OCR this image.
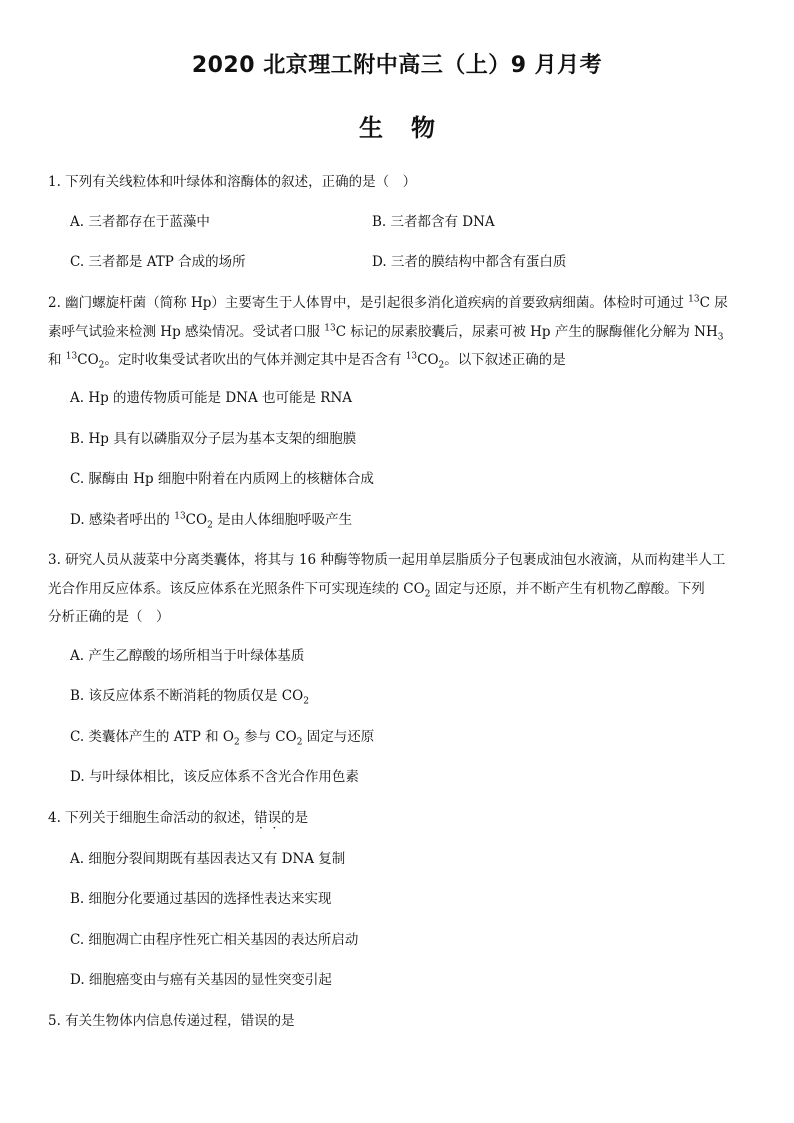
2020 北京理工附中高三（上）9 月月考
生物
1. 下列有关线粒体和叶绿体和溶酶体的叙述，正确的是（　）
A. 三者都存在于蓝藻中	B. 三者都含有 DNA
C. 三者都是 ATP 合成的场所	D. 三者的膜结构中都含有蛋白质
2. 幽门螺旋杆菌（简称 Hp）主要寄生于人体胃中，是引起很多消化道疾病的首要致病细菌。体检时可通过 $^{13}$C 尿
素呼气试验来检测 Hp 感染情况。受试者口服 $^{13}$C 标记的尿素胶囊后，尿素可被 Hp 产生的脲酶催化分解为 $NH_3$
和 $^{13}CO_2$。定时收集受试者吹出的气体并测定其中是否含有 $^{13}CO_2$。以下叙述正确的是
A. Hp 的遗传物质可能是 DNA 也可能是 RNA
B. Hp 具有以磷脂双分子层为基本支架的细胞膜
C. 脲酶由 Hp 细胞中附着在内质网上的核糖体合成
D. 感染者呼出的 $^{13}CO_2$ 是由人体细胞呼吸产生
3. 研究人员从菠菜中分离类囊体，将其与 16 种酶等物质一起用单层脂质分子包裹成油包水液滴，从而构建半人工
光合作用反应体系。该反应体系在光照条件下可实现连续的 $CO_2$ 固定与还原，并不断产生有机物乙醇酸。下列
分析正确的是（　）
A. 产生乙醇酸的场所相当于叶绿体基质
B. 该反应体系不断消耗的物质仅是 $CO_2$
C. 类囊体产生的 ATP 和 $O_2$ 参与 $CO_2$ 固定与还原
D. 与叶绿体相比，该反应体系不含光合作用色素
4. 下列关于细胞生命活动的叙述，错误的是
A. 细胞分裂间期既有基因表达又有 DNA 复制
B. 细胞分化要通过基因的选择性表达来实现
C. 细胞凋亡由程序性死亡相关基因的表达所启动
D. 细胞癌变由与癌有关基因的显性突变引起
5. 有关生物体内信息传递过程，错误的是
